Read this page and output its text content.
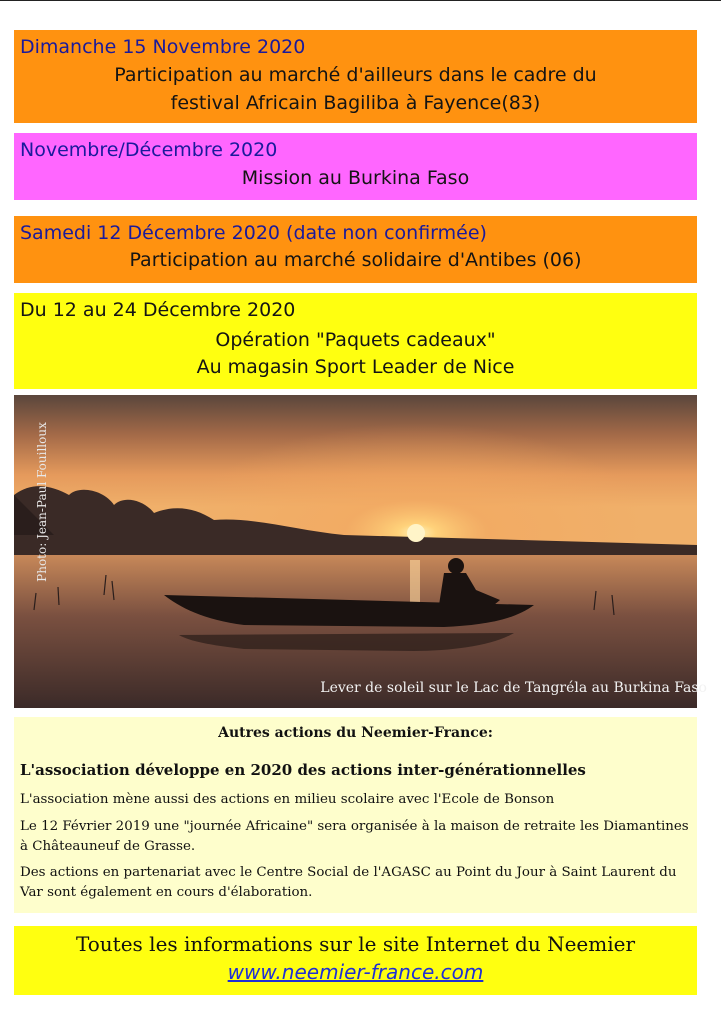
Dimanche 15 Novembre 2020
Participation au marché d'ailleurs dans le cadre du
festival Africain Bagiliba à Fayence(83)
Novembre/Décembre 2020
Mission au Burkina Faso
Samedi 12 Décembre 2020 (date non confirmée)
Participation au marché solidaire d'Antibes (06)
Du 12 au 24 Décembre 2020
Opération "Paquets cadeaux"
Au magasin Sport Leader de Nice
Photo: Jean-Paul Fouilloux
Lever de soleil sur le Lac de Tangréla au Burkina Faso
Autres actions du Neemier-France:
L'association développe en 2020 des actions inter-générationnelles
L'association mène aussi des actions en milieu scolaire avec l'Ecole de Bonson
Le 12 Février 2019 une "journée Africaine" sera organisée à la maison de retraite les Diamantines à Châteauneuf de Grasse.
Des actions en partenariat avec le Centre Social de l'AGASC au Point du Jour à Saint Laurent du Var sont également en cours d'élaboration.
Toutes les informations sur le site Internet du Neemier
www.neemier-france.com
